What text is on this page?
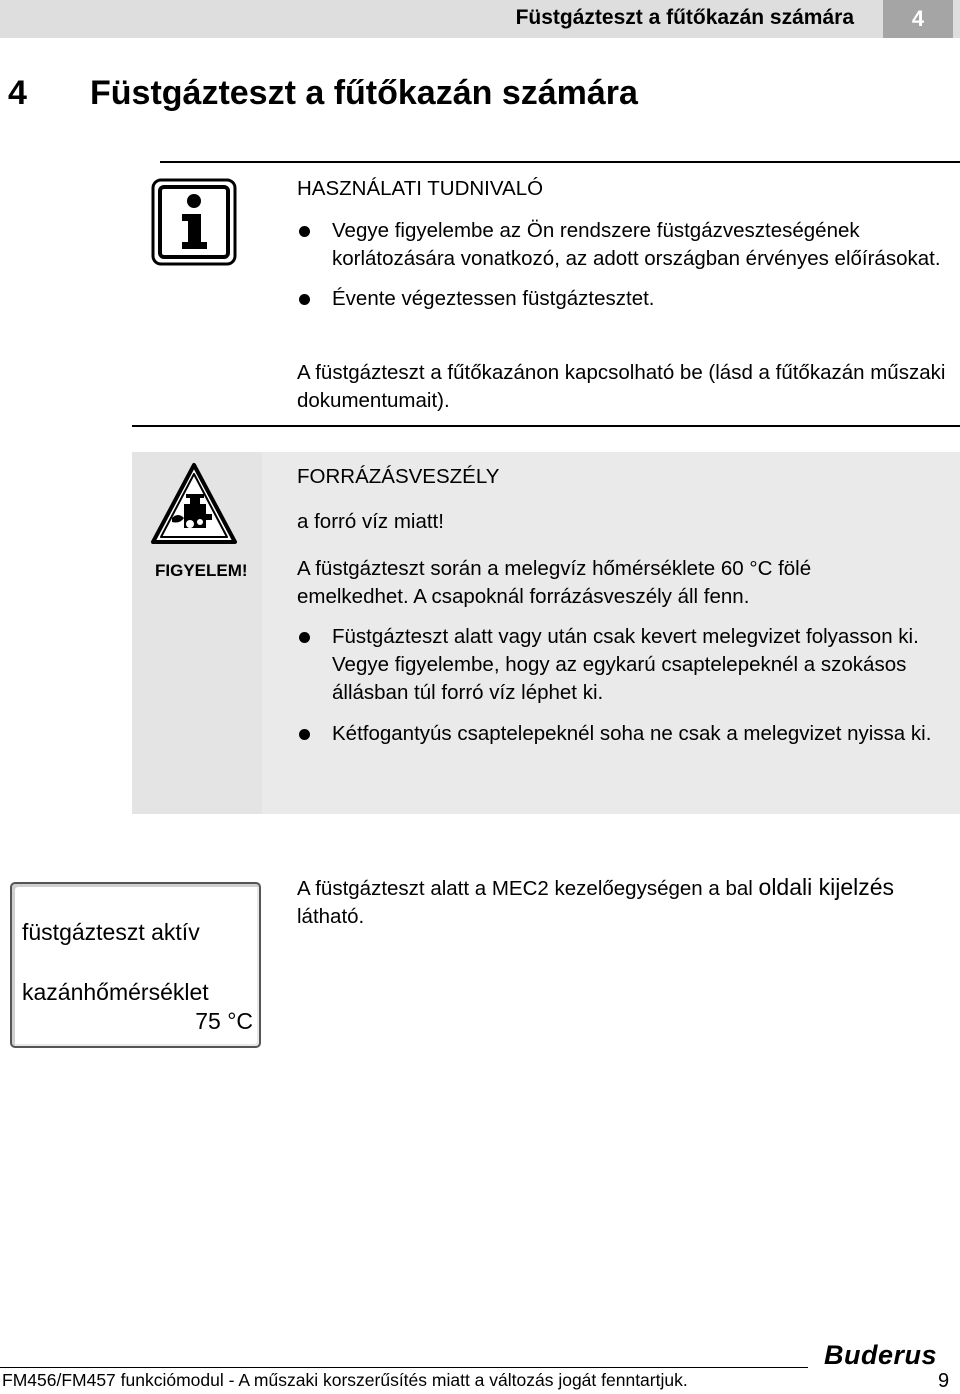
Füstgázteszt a fűtőkazán számára	4
4 Füstgázteszt a fűtőkazán számára
HASZNÁLATI TUDNIVALÓ
Vegye figyelembe az Ön rendszere füstgázveszteségének korlátozására vonatkozó, az adott országban érvényes előírásokat.
Évente végeztessen füstgáztesztet.
A füstgázteszt a fűtőkazánon kapcsolható be (lásd a fűtőkazán műszaki dokumentumait).
FIGYELEM!
FORRÁZÁSVESZÉLY
a forró víz miatt!
A füstgázteszt során a melegvíz hőmérséklete 60 °C fölé emelkedhet. A csapoknál forrázásveszély áll fenn.
Füstgázteszt alatt vagy után csak kevert melegvizet folyasson ki.
Vegye figyelembe, hogy az egykarú csaptelepeknél a szokásos állásban túl forró víz léphet ki.
Kétfogantyús csaptelepeknél soha ne csak a melegvizet nyissa ki.
füstgázteszt aktív
kazánhőmérséklet
75 °C
A füstgázteszt alatt a MEC2 kezelőegységen a bal oldali kijelzés látható.
Buderus
FM456/FM457 funkciómodul - A műszaki korszerűsítés miatt a változás jogát fenntartjuk.	9
